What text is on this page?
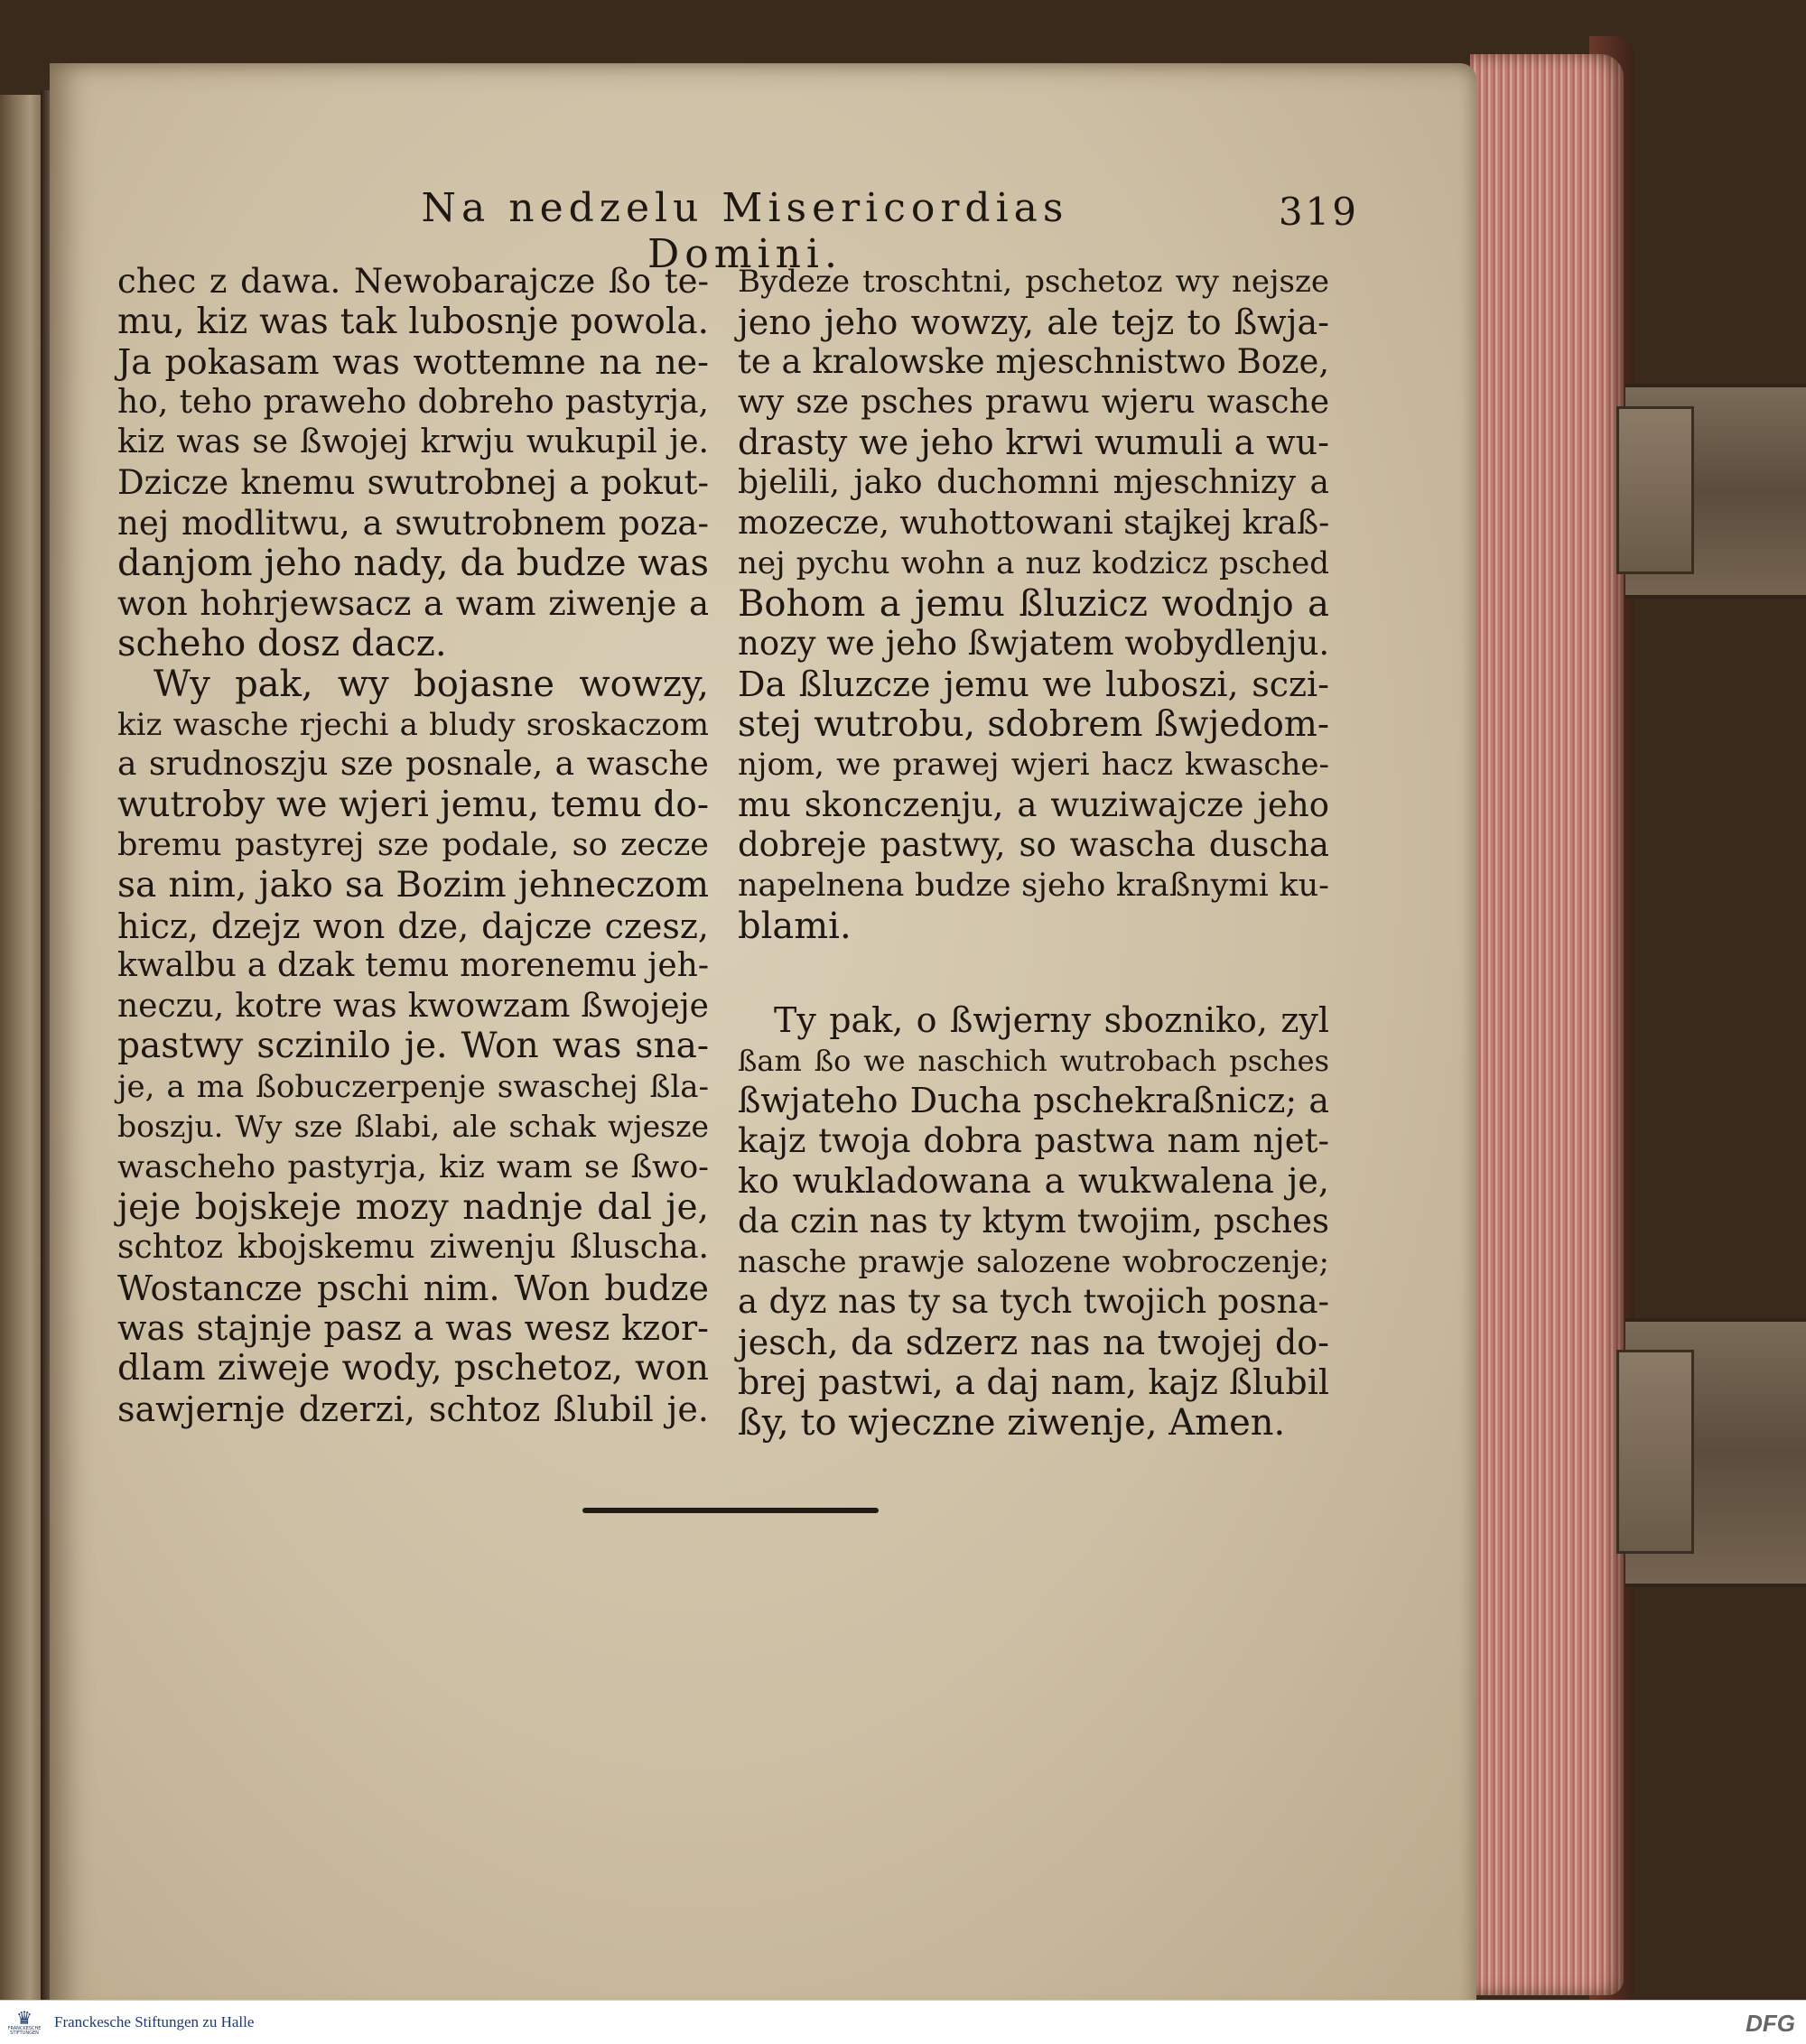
Na nedzelu Misericordias Domini.
319
chec z dawa. Newobarajcze ßo te-
mu, kiz was tak lubosnje powola.
Ja pokasam was wottemne na ne-
ho, teho praweho dobreho pastyrja,
kiz was se ßwojej krwju wukupil je.
Dzicze knemu swutrobnej a pokut-
nej modlitwu, a swutrobnem poza-
danjom jeho nady, da budze was
won hohrjewsacz a wam ziwenje a
scheho dosz dacz.
Wy pak, wy bojasne wowzy,
kiz wasche rjechi a bludy sroskaczom
a srudnoszju sze posnale, a wasche
wutroby we wjeri jemu, temu do-
bremu pastyrej sze podale, so zecze
sa nim, jako sa Bozim jehneczom
hicz, dzejz won dze, dajcze czesz,
kwalbu a dzak temu morenemu jeh-
neczu, kotre was kwowzam ßwojeje
pastwy sczinilo je. Won was sna-
je, a ma ßobuczerpenje swaschej ßla-
boszju. Wy sze ßlabi, ale schak wjesze
wascheho pastyrja, kiz wam se ßwo-
jeje bojskeje mozy nadnje dal je,
schtoz kbojskemu ziwenju ßluscha.
Wostancze pschi nim. Won budze
was stajnje pasz a was wesz kzor-
dlam ziweje wody, pschetoz, won
sawjernje dzerzi, schtoz ßlubil je.
Bydeze troschtni, pschetoz wy nejsze
jeno jeho wowzy, ale tejz to ßwja-
te a kralowske mjeschnistwo Boze,
wy sze psches prawu wjeru wasche
drasty we jeho krwi wumuli a wu-
bjelili, jako duchomni mjeschnizy a
mozecze, wuhottowani stajkej kraß-
nej pychu wohn a nuz kodzicz psched
Bohom a jemu ßluzicz wodnjo a
nozy we jeho ßwjatem wobydlenju.
Da ßluzcze jemu we luboszi, sczi-
stej wutrobu, sdobrem ßwjedom-
njom, we prawej wjeri hacz kwasche-
mu skonczenju, a wuziwajcze jeho
dobreje pastwy, so wascha duscha
napelnena budze sjeho kraßnymi ku-
blami.
Ty pak, o ßwjerny sbozniko, zyl
ßam ßo we naschich wutrobach psches
ßwjateho Ducha pschekraßnicz; a
kajz twoja dobra pastwa nam njet-
ko wukladowana a wukwalena je,
da czin nas ty ktym twojim, psches
nasche prawje salozene wobroczenje;
a dyz nas ty sa tych twojich posna-
jesch, da sdzerz nas na twojej do-
brej pastwi, a daj nam, kajz ßlubil
ßy, to wjeczne ziwenje, Amen.
♛
FRANCKESCHE STIFTUNGEN
Franckesche Stiftungen zu Halle	DFG
